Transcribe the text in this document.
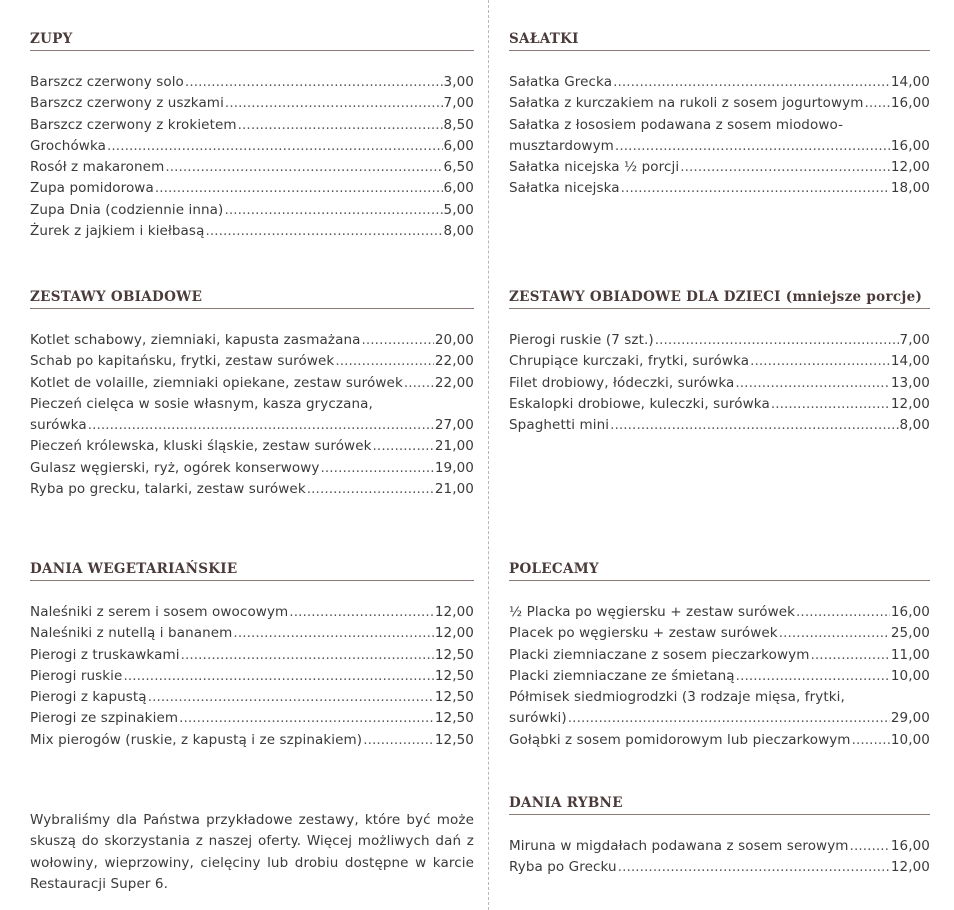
ZUPY
Barszcz czerwony solo .....	3,00
Barszcz czerwony z uszkami .....	7,00
Barszcz czerwony z krokietem .....	8,50
Grochówka .....	6,00
Rosół z makaronem .....	6,50
Zupa pomidorowa .....	6,00
Zupa Dnia (codziennie inna) .....	5,00
Żurek z jajkiem i kiełbasą .....	8,00
ZESTAWY OBIADOWE
Kotlet schabowy, ziemniaki, kapusta zasmażana .....	20,00
Schab po kapitańsku, frytki, zestaw surówek .....	22,00
Kotlet de volaille, ziemniaki opiekane, zestaw surówek ..... 22,00
Pieczeń cielęca w sosie własnym, kasza gryczana,
surówka .....	27,00
Pieczeń królewska, kluski śląskie, zestaw surówek .....	21,00
Gulasz węgierski, ryż, ogórek konserwowy .....	19,00
Ryba po grecku, talarki, zestaw surówek .....	21,00
DANIA WEGETARIAŃSKIE
Naleśniki z serem i sosem owocowym .....	12,00
Naleśniki z nutellą i bananem .....	12,00
Pierogi z truskawkami .....	12,50
Pierogi ruskie .....	12,50
Pierogi z kapustą .....	12,50
Pierogi ze szpinakiem .....	12,50
Mix pierogów (ruskie, z kapustą i ze szpinakiem) .....	12,50
SAŁATKI
Sałatka Grecka .....	14,00
Sałatka z kurczakiem na rukoli z sosem jogurtowym ..... 16,00
Sałatka z łososiem podawana z sosem miodowo-
musztardowym .....	16,00
Sałatka nicejska ½ porcji .....	12,00
Sałatka nicejska .....	18,00
ZESTAWY OBIADOWE DLA DZIECI (mniejsze porcje)
Pierogi ruskie (7 szt.) .....	7,00
Chrupiące kurczaki, frytki, surówka .....	14,00
Filet drobiowy, łódeczki, surówka .....	13,00
Eskalopki drobiowe, kuleczki, surówka .....	12,00
Spaghetti mini .....	8,00
POLECAMY
½ Placka po węgiersku + zestaw surówek .....	16,00
Placek po węgiersku + zestaw surówek .....	25,00
Placki ziemniaczane z sosem pieczarkowym .....	11,00
Placki ziemniaczane ze śmietaną .....	10,00
Półmisek siedmiogrodzki (3 rodzaje mięsa, frytki,
surówki) .....	29,00
Gołąbki z sosem pomidorowym lub pieczarkowym .....	10,00
DANIA RYBNE
Miruna w migdałach podawana z sosem serowym .....	16,00
Ryba po Grecku .....	12,00

Wybraliśmy dla Państwa przykładowe zestawy, które być może skuszą do skorzystania z naszej oferty. Więcej możliwych dań z wołowiny, wieprzowiny, cielęciny lub drobiu dostępne w karcie Restauracji Super 6.
